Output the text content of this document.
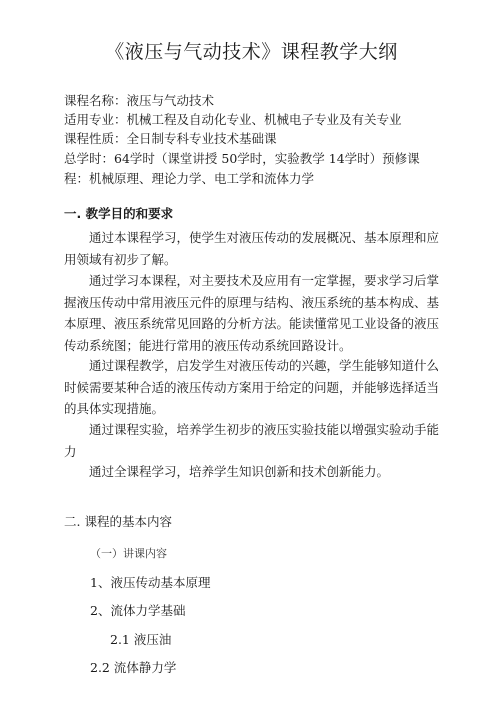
《液压与气动技术》课程教学大纲
课程名称：液压与气动技术
适用专业：机械工程及自动化专业、机械电子专业及有关专业
课程性质：全日制专科专业技术基础课
总学时：64学时（课堂讲授 50学时，实验教学 14学时）预修课
程：机械原理、理论力学、电工学和流体力学
一. 教学目的和要求

通过本课程学习，使学生对液压传动的发展概况、基本原理和应用领域有初步了解。

通过学习本课程，对主要技术及应用有一定掌握，要求学习后掌握液压传动中常用液压元件的原理与结构、液压系统的基本构成、基本原理、液压系统常见回路的分析方法。能读懂常见工业设备的液压传动系统图；能进行常用的液压传动系统回路设计。

通过课程教学，启发学生对液压传动的兴趣，学生能够知道什么时候需要某种合适的液压传动方案用于给定的问题，并能够选择适当的具体实现措施。

通过课程实验，培养学生初步的液压实验技能以增强实验动手能力

通过全课程学习，培养学生知识创新和技术创新能力。

二. 课程的基本内容
（一）讲课内容
1、液压传动基本原理
2、流体力学基础
2.1 液压油
2.2 流体静力学
